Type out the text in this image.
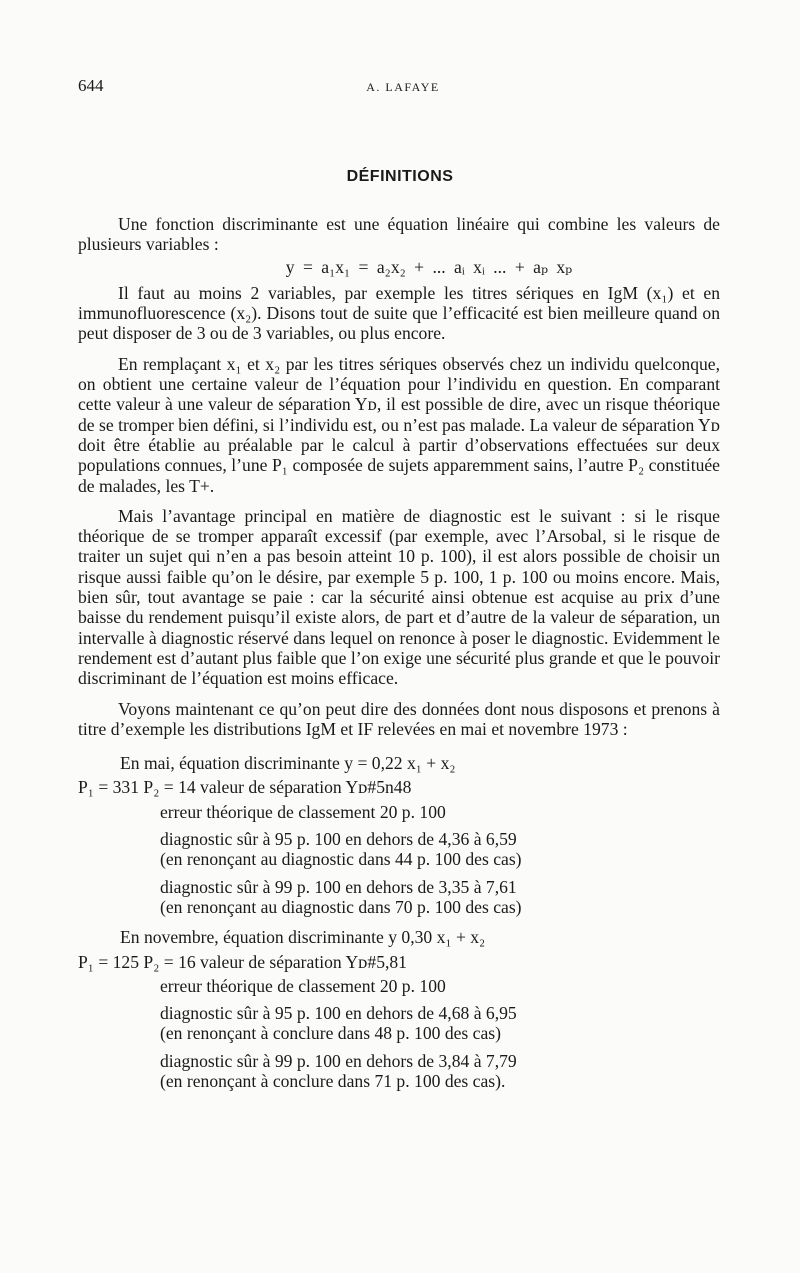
644	A. LAFAYE
DÉFINITIONS

Une fonction discriminante est une équation linéaire qui combine les valeurs de plusieurs variables :

y = a₁x₁ = a₂x₂ + ... aᵢ xᵢ ... + aₚ xₚ

Il faut au moins 2 variables, par exemple les titres sériques en IgM (x₁) et en immunofluorescence (x₂). Disons tout de suite que l’efficacité est bien meilleure quand on peut disposer de 3 ou de 3 variables, ou plus encore.

En remplaçant x₁ et x₂ par les titres sériques observés chez un individu quelconque, on obtient une certaine valeur de l’équation pour l’individu en question. En comparant cette valeur à une valeur de séparation Yᴅ, il est possible de dire, avec un risque théorique de se tromper bien défini, si l’individu est, ou n’est pas malade. La valeur de séparation Yᴅ doit être établie au préalable par le calcul à partir d’observations effectuées sur deux populations connues, l’une P₁ composée de sujets apparemment sains, l’autre P₂ constituée de malades, les T+.

Mais l’avantage principal en matière de diagnostic est le suivant : si le risque théorique de se tromper apparaît excessif (par exemple, avec l’Arsobal, si le risque de traiter un sujet qui n’en a pas besoin atteint 10 p. 100), il est alors possible de choisir un risque aussi faible qu’on le désire, par exemple 5 p. 100, 1 p. 100 ou moins encore. Mais, bien sûr, tout avantage se paie : car la sécurité ainsi obtenue est acquise au prix d’une baisse du rendement puisqu’il existe alors, de part et d’autre de la valeur de séparation, un intervalle à diagnostic réservé dans lequel on renonce à poser le diagnostic. Evidemment le rendement est d’autant plus faible que l’on exige une sécurité plus grande et que le pouvoir discriminant de l’équation est moins efficace.

Voyons maintenant ce qu’on peut dire des données dont nous disposons et prenons à titre d’exemple les distributions IgM et IF relevées en mai et novembre 1973 :

En mai, équation discriminante y = 0,22 x₁ + x₂
P₁ = 331 P₂ = 14 valeur de séparation Yᴅ#5n48
erreur théorique de classement 20 p. 100
diagnostic sûr à 95 p. 100 en dehors de 4,36 à 6,59
(en renonçant au diagnostic dans 44 p. 100 des cas)
diagnostic sûr à 99 p. 100 en dehors de 3,35 à 7,61
(en renonçant au diagnostic dans 70 p. 100 des cas)
En novembre, équation discriminante y 0,30 x₁ + x₂
P₁ = 125 P₂ = 16 valeur de séparation Yᴅ#5,81
erreur théorique de classement 20 p. 100
diagnostic sûr à 95 p. 100 en dehors de 4,68 à 6,95
(en renonçant à conclure dans 48 p. 100 des cas)
diagnostic sûr à 99 p. 100 en dehors de 3,84 à 7,79
(en renonçant à conclure dans 71 p. 100 des cas).
